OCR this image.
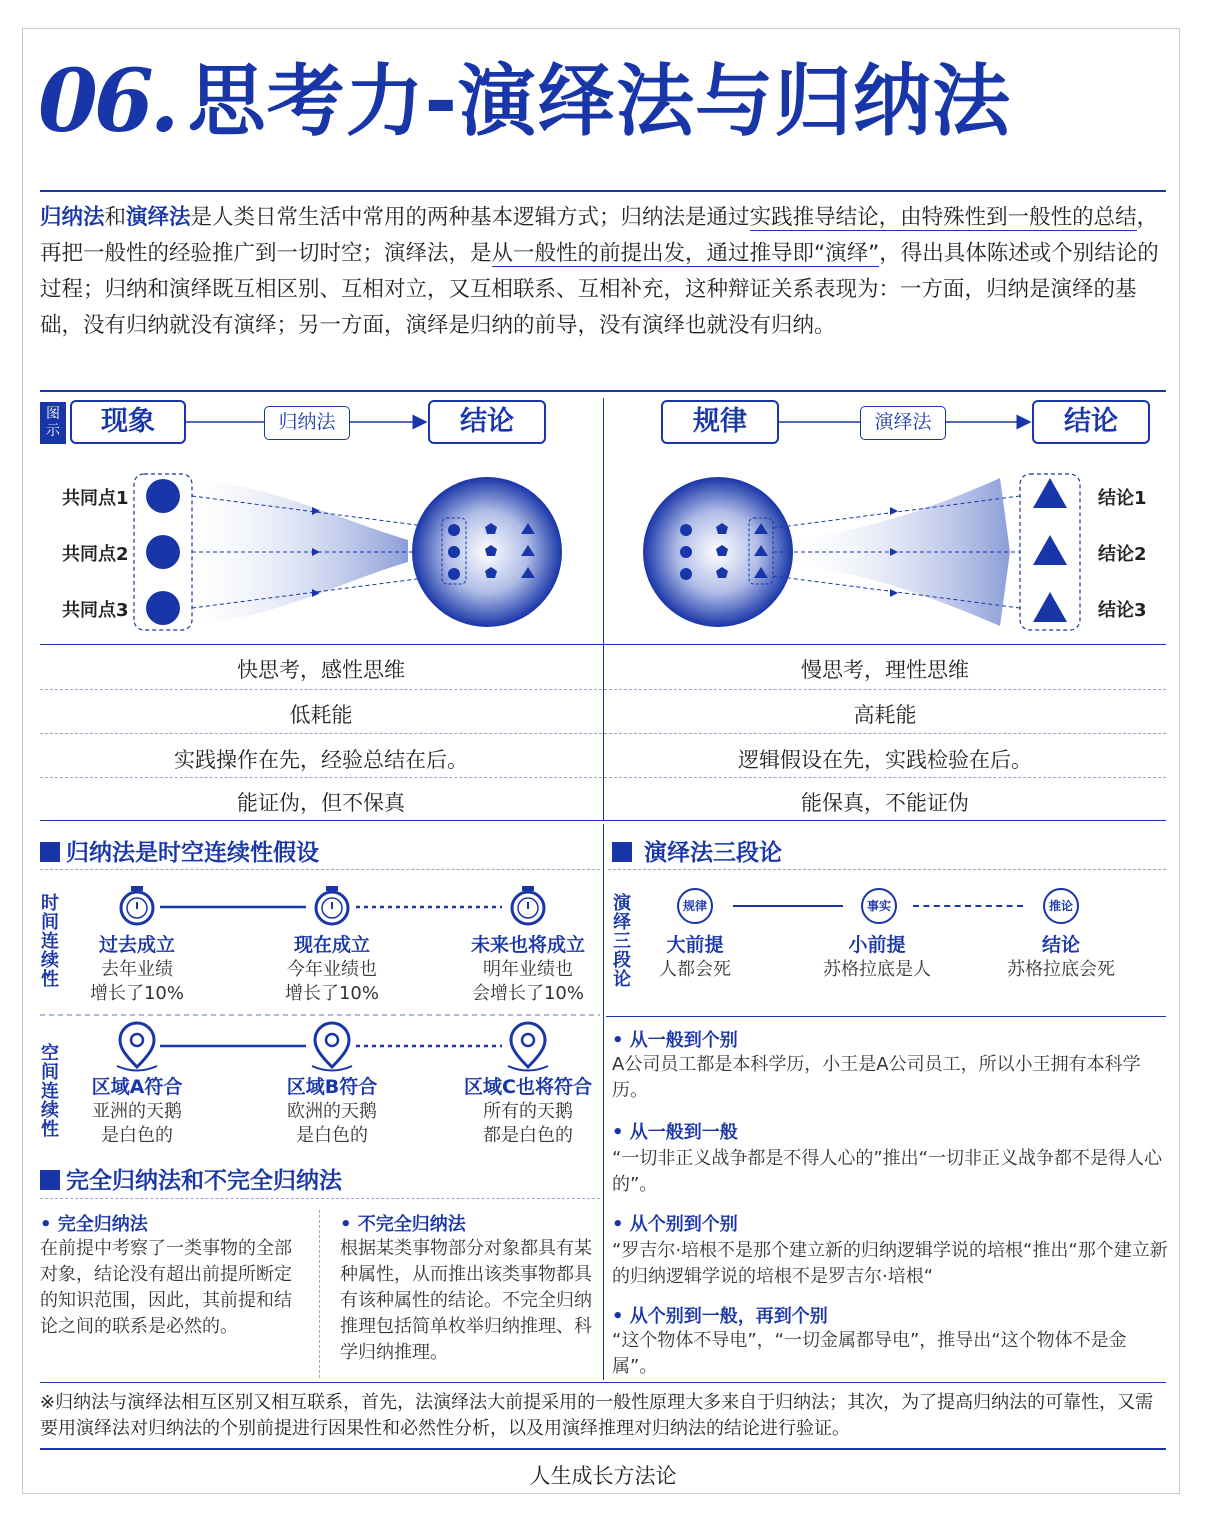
06. 思考力-演绎法与归纳法
归纳法和演绎法是人类日常生活中常用的两种基本逻辑方式；归纳法是通过实践推导结论，由特殊性到一般性的总结，再把一般性的经验推广到一切时空；演绎法，是从一般性的前提出发，通过推导即“演绎”，得出具体陈述或个别结论的过程；归纳和演绎既互相区别、互相对立，又互相联系、互相补充，这种辩证关系表现为：一方面，归纳是演绎的基础，没有归纳就没有演绎；另一方面，演绎是归纳的前导，没有演绎也就没有归纳。
图示	现象	归纳法	结论	规律	演绎法	结论
共同点1
共同点2
共同点3
结论1
结论2
结论3
快思考，感性思维	慢思考，理性思维
低耗能	高耗能
实践操作在先，经验总结在后。	逻辑假设在先，实践检验在后。
能证伪，但不保真	能保真，不能证伪
归纳法是时空连续性假设
时间连续性
过去成立
去年业绩
增长了10%
现在成立
今年业绩也
增长了10%
未来也将成立
明年业绩也
会增长了10%
空间连续性
区域A符合
亚洲的天鹅
是白色的
区域B符合
欧洲的天鹅
是白色的
区域C也将符合
所有的天鹅
都是白色的
完全归纳法和不完全归纳法
• 完全归纳法
在前提中考察了一类事物的全部对象，结论没有超出前提所断定的知识范围，因此，其前提和结论之间的联系是必然的。
• 不完全归纳法
根据某类事物部分对象都具有某种属性，从而推出该类事物都具有该种属性的结论。不完全归纳推理包括简单枚举归纳推理、科学归纳推理。
演绎法三段论
演绎三段论
规律	事实	推论
大前提
人都会死
小前提
苏格拉底是人
结论
苏格拉底会死
• 从一般到个别
A公司员工都是本科学历，小王是A公司员工，所以小王拥有本科学历。
• 从一般到一般
“一切非正义战争都是不得人心的”推出“一切非正义战争都不是得人心的”。
• 从个别到个别
“罗吉尔·培根不是那个建立新的归纳逻辑学说的培根“推出“那个建立新的归纳逻辑学说的培根不是罗吉尔·培根“
• 从个别到一般，再到个别
“这个物体不导电”，“一切金属都导电”，推导出“这个物体不是金属”。
※归纳法与演绎法相互区别又相互联系，首先，法演绎法大前提采用的一般性原理大多来自于归纳法；其次，为了提高归纳法的可靠性，又需要用演绎法对归纳法的个别前提进行因果性和必然性分析，以及用演绎推理对归纳法的结论进行验证。
人生成长方法论
